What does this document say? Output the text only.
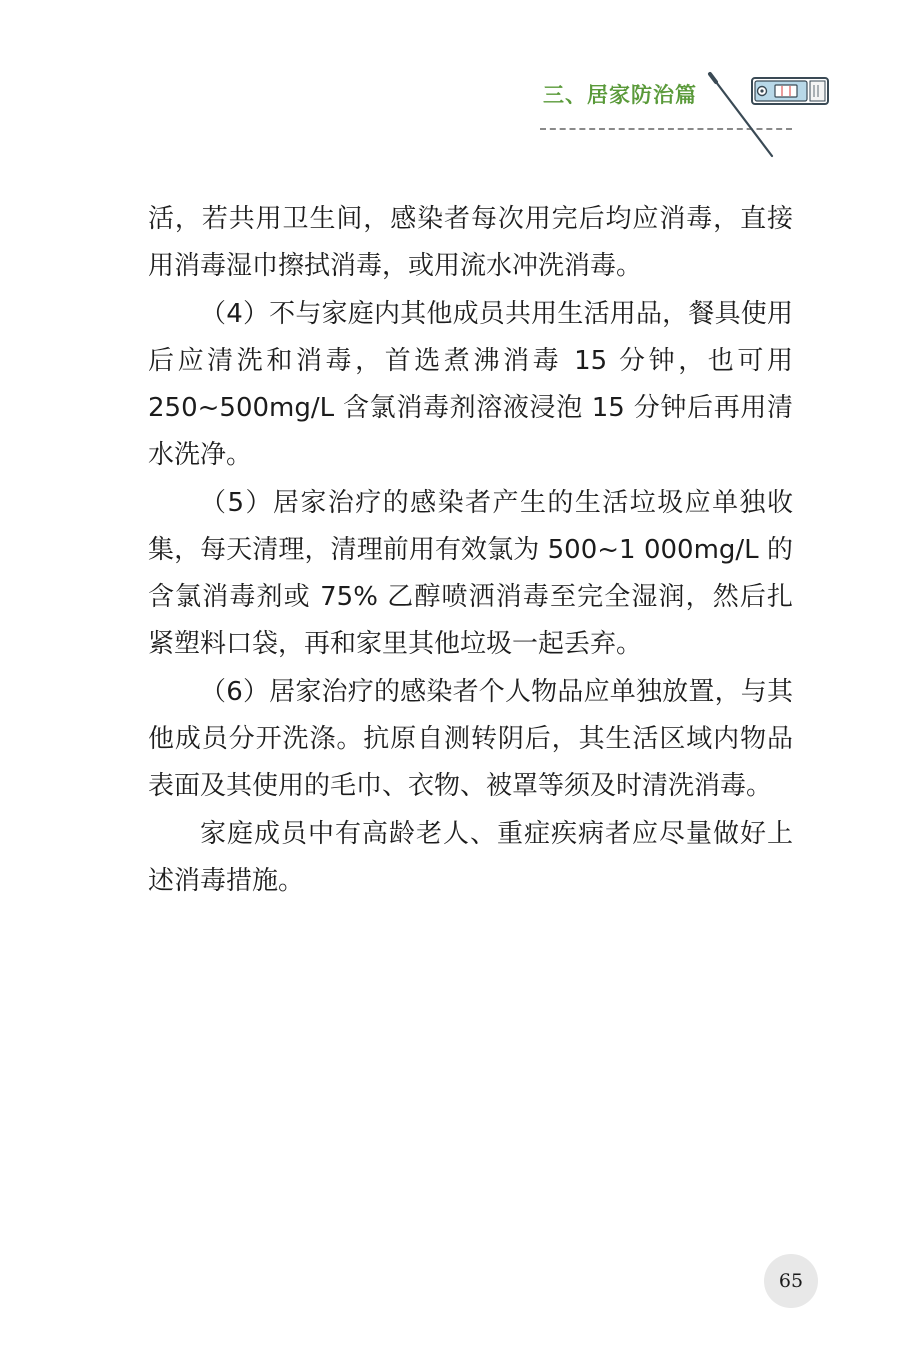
三、居家防治篇

活，若共用卫生间，感染者每次用完后均应消毒，直接用消毒湿巾擦拭消毒，或用流水冲洗消毒。

（4）不与家庭内其他成员共用生活用品，餐具使用后应清洗和消毒，首选煮沸消毒 15 分钟，也可用 250~500mg/L 含氯消毒剂溶液浸泡 15 分钟后再用清水洗净。

（5）居家治疗的感染者产生的生活垃圾应单独收集，每天清理，清理前用有效氯为 500~1 000mg/L 的含氯消毒剂或 75% 乙醇喷洒消毒至完全湿润，然后扎紧塑料口袋，再和家里其他垃圾一起丢弃。

（6）居家治疗的感染者个人物品应单独放置，与其他成员分开洗涤。抗原自测转阴后，其生活区域内物品表面及其使用的毛巾、衣物、被罩等须及时清洗消毒。

家庭成员中有高龄老人、重症疾病者应尽量做好上述消毒措施。

65
